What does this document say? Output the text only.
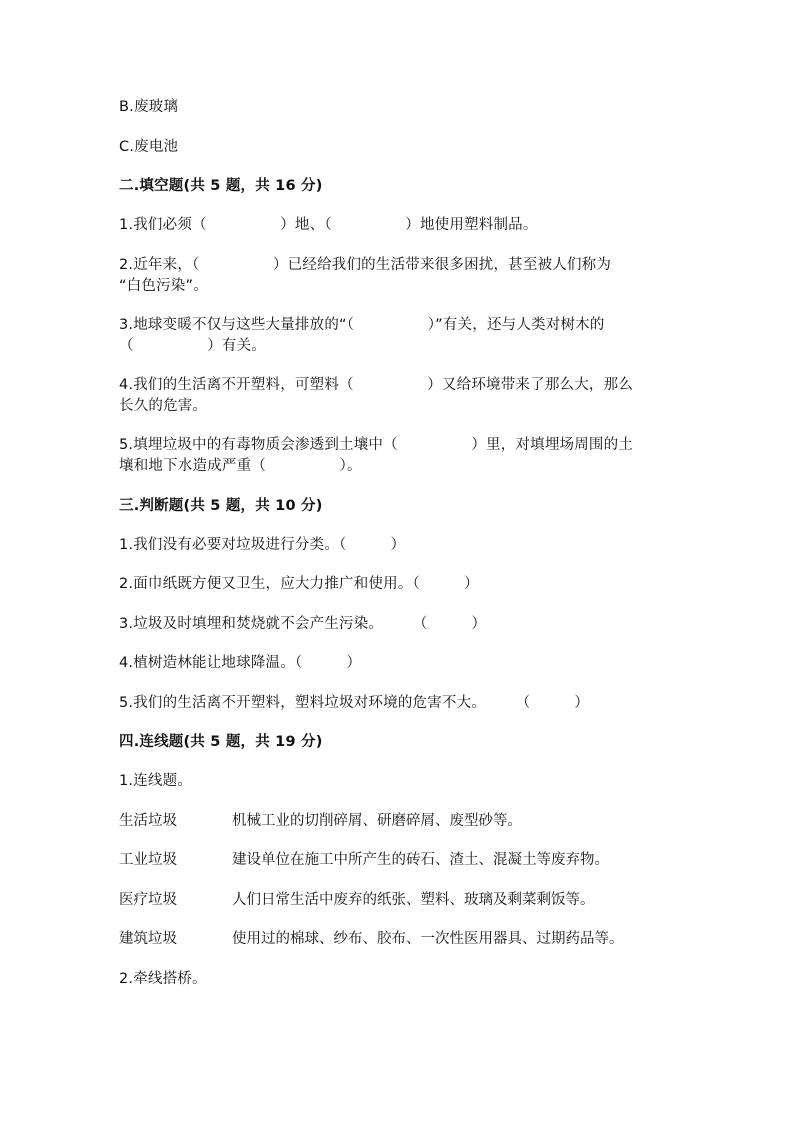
B.废玻璃
C.废电池
二.填空题(共 5 题，共 16 分)
1.我们必须（　　　　　）地、（　　　　　）地使用塑料制品。
2.近年来，（　　　　　）已经给我们的生活带来很多困扰，甚至被人们称为
“白色污染”。
3.地球变暖不仅与这些大量排放的“（　　　　　）”有关，还与人类对树木的
（　　　　　）有关。
4.我们的生活离不开塑料，可塑料（　　　　　）又给环境带来了那么大，那么
长久的危害。
5.填埋垃圾中的有毒物质会渗透到土壤中（　　　　　）里，对填埋场周围的土
壤和地下水造成严重（　　　　　）。
三.判断题(共 5 题，共 10 分)
1.我们没有必要对垃圾进行分类。（　　　）
2.面巾纸既方便又卫生，应大力推广和使用。（　　　）
3.垃圾及时填埋和焚烧就不会产生污染。　　　（　　　）
4.植树造林能让地球降温。（　　　）
5.我们的生活离不开塑料，塑料垃圾对环境的危害不大。　　　（　　　）
四.连线题(共 5 题，共 19 分)
1.连线题。
生活垃圾	机械工业的切削碎屑、研磨碎屑、废型砂等。
工业垃圾	建设单位在施工中所产生的砖石、渣土、混凝土等废弃物。
医疗垃圾	人们日常生活中废弃的纸张、塑料、玻璃及剩菜剩饭等。
建筑垃圾	使用过的棉球、纱布、胶布、一次性医用器具、过期药品等。
2.牵线搭桥。
